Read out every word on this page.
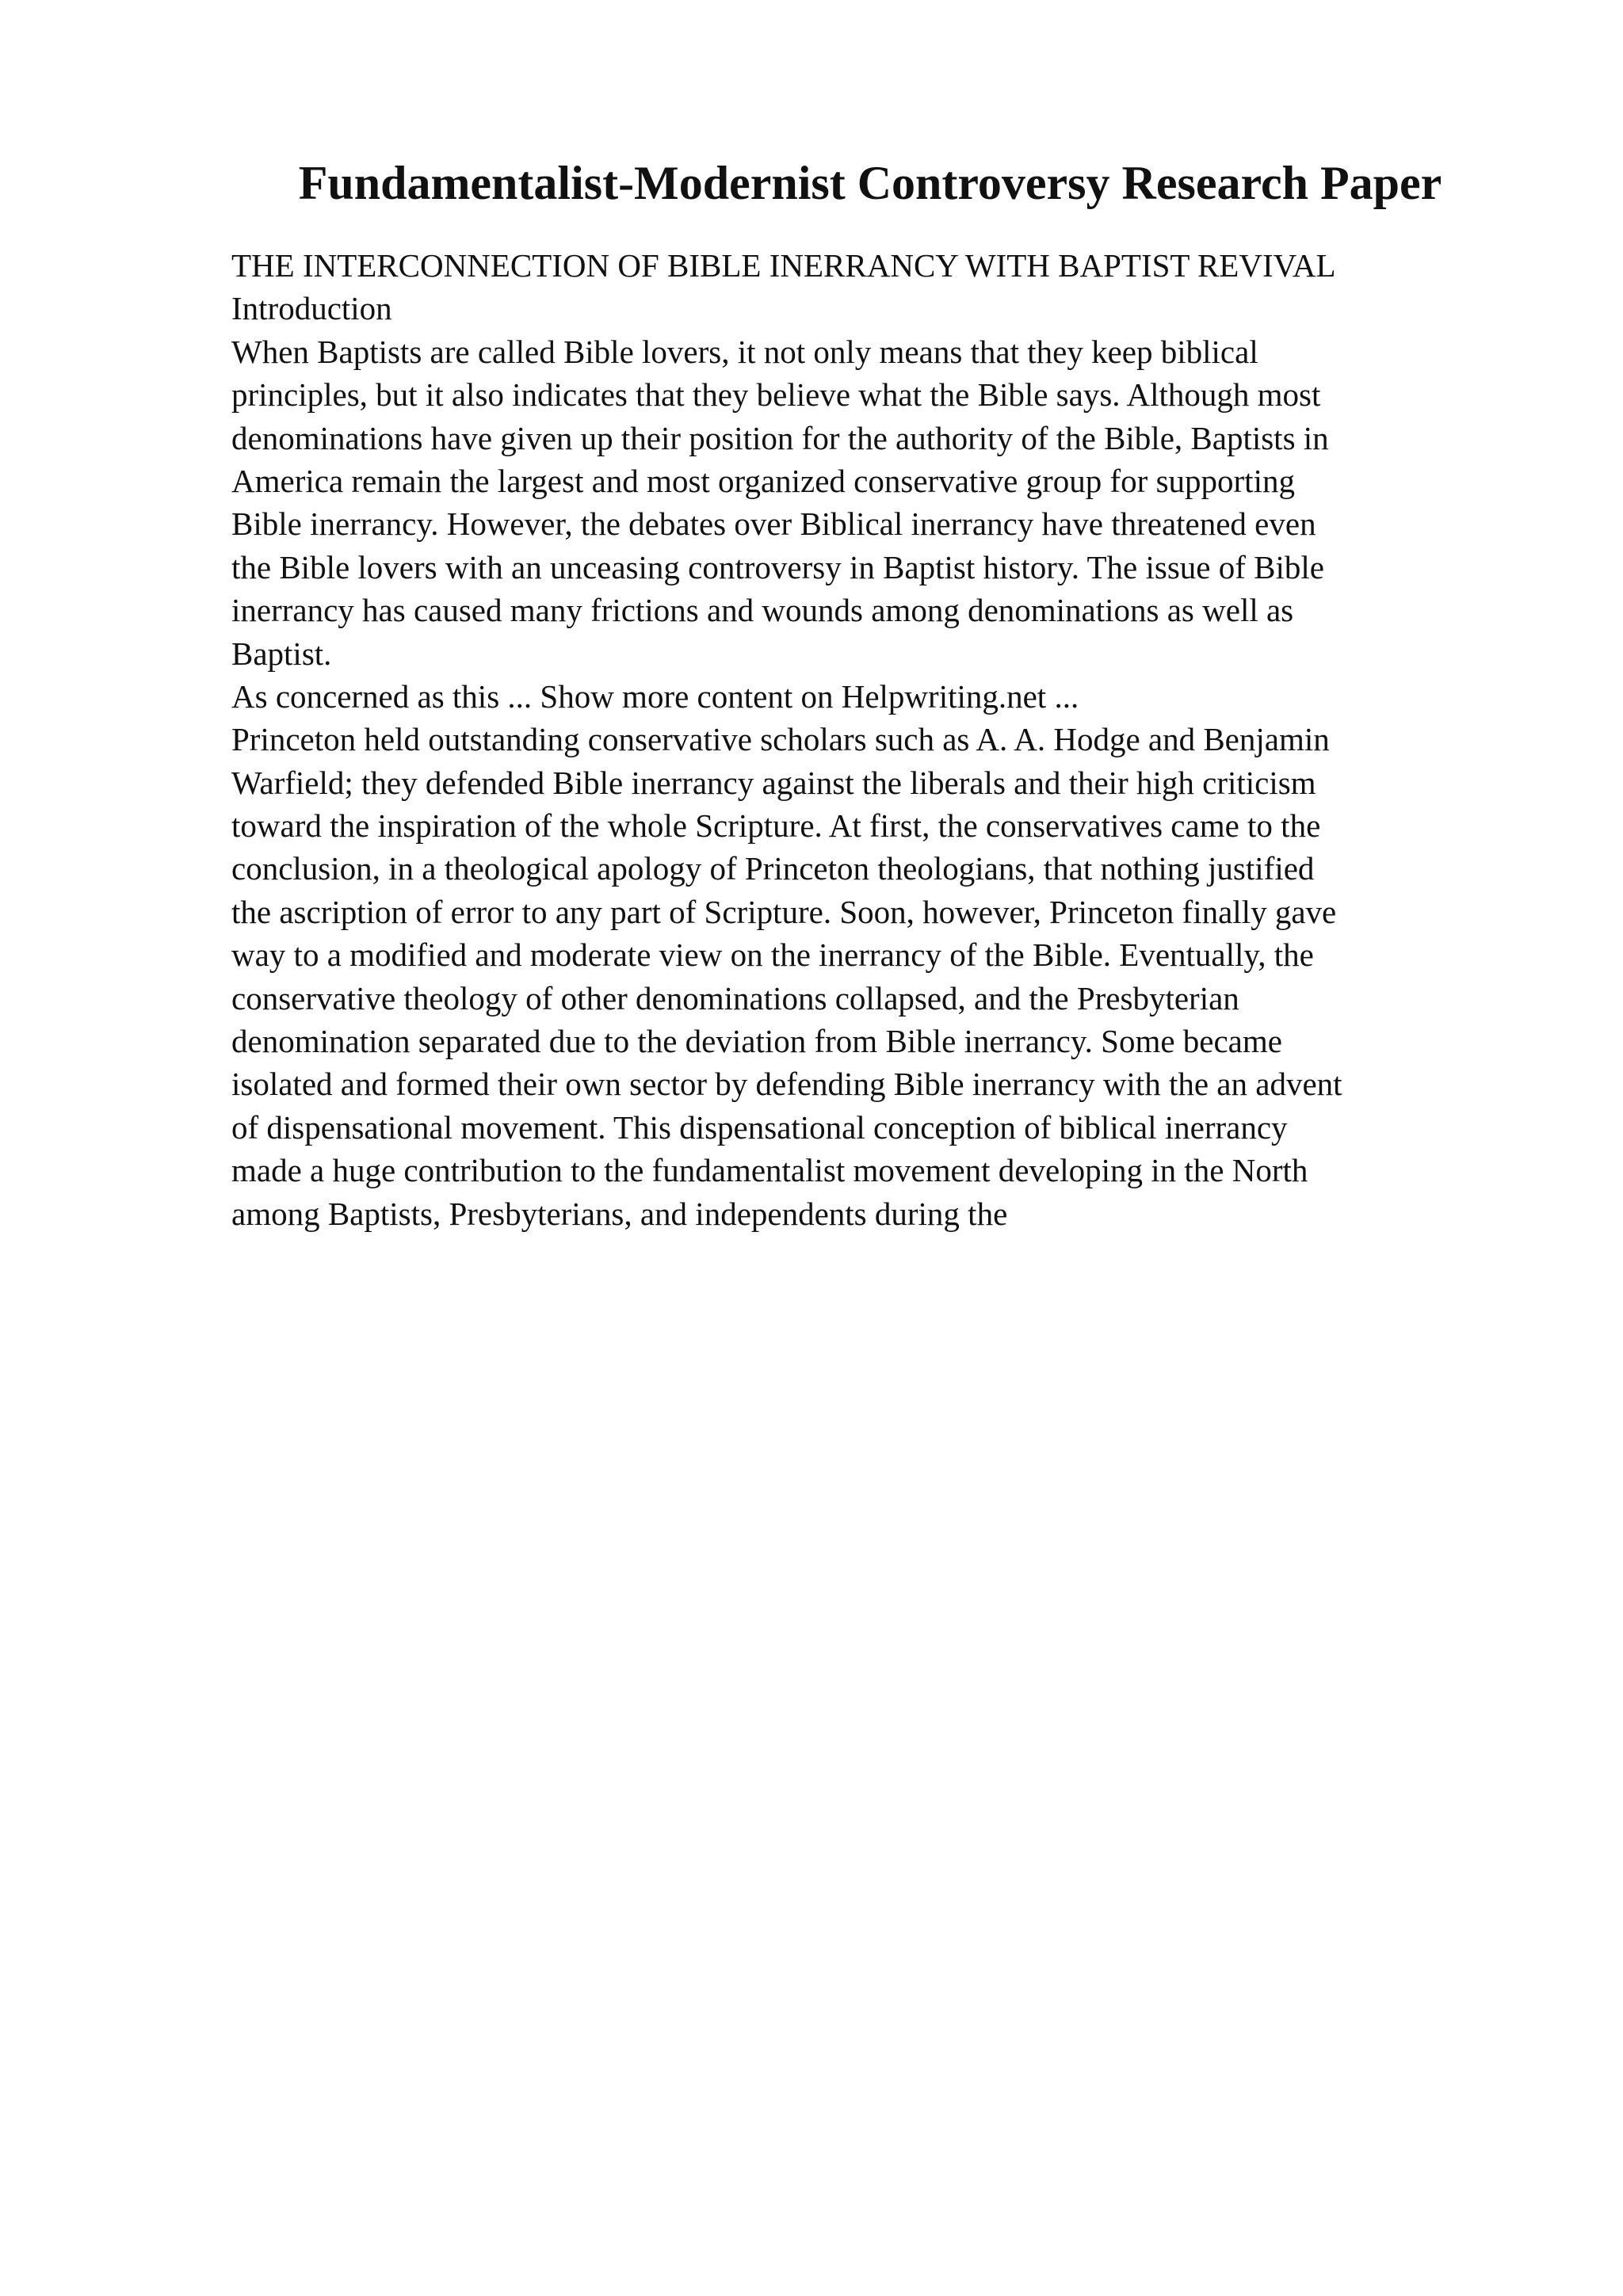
Fundamentalist-Modernist Controversy Research Paper
THE INTERCONNECTION OF BIBLE INERRANCY WITH BAPTIST REVIVAL
Introduction
When Baptists are called Bible lovers, it not only means that they keep biblical
principles, but it also indicates that they believe what the Bible says. Although most
denominations have given up their position for the authority of the Bible, Baptists in
America remain the largest and most organized conservative group for supporting
Bible inerrancy. However, the debates over Biblical inerrancy have threatened even
the Bible lovers with an unceasing controversy in Baptist history. The issue of Bible
inerrancy has caused many frictions and wounds among denominations as well as
Baptist.
As concerned as this ... Show more content on Helpwriting.net ...
Princeton held outstanding conservative scholars such as A. A. Hodge and Benjamin
Warfield; they defended Bible inerrancy against the liberals and their high criticism
toward the inspiration of the whole Scripture. At first, the conservatives came to the
conclusion, in a theological apology of Princeton theologians, that nothing justified
the ascription of error to any part of Scripture. Soon, however, Princeton finally gave
way to a modified and moderate view on the inerrancy of the Bible. Eventually, the
conservative theology of other denominations collapsed, and the Presbyterian
denomination separated due to the deviation from Bible inerrancy. Some became
isolated and formed their own sector by defending Bible inerrancy with the an advent
of dispensational movement. This dispensational conception of biblical inerrancy
made a huge contribution to the fundamentalist movement developing in the North
among Baptists, Presbyterians, and independents during the
